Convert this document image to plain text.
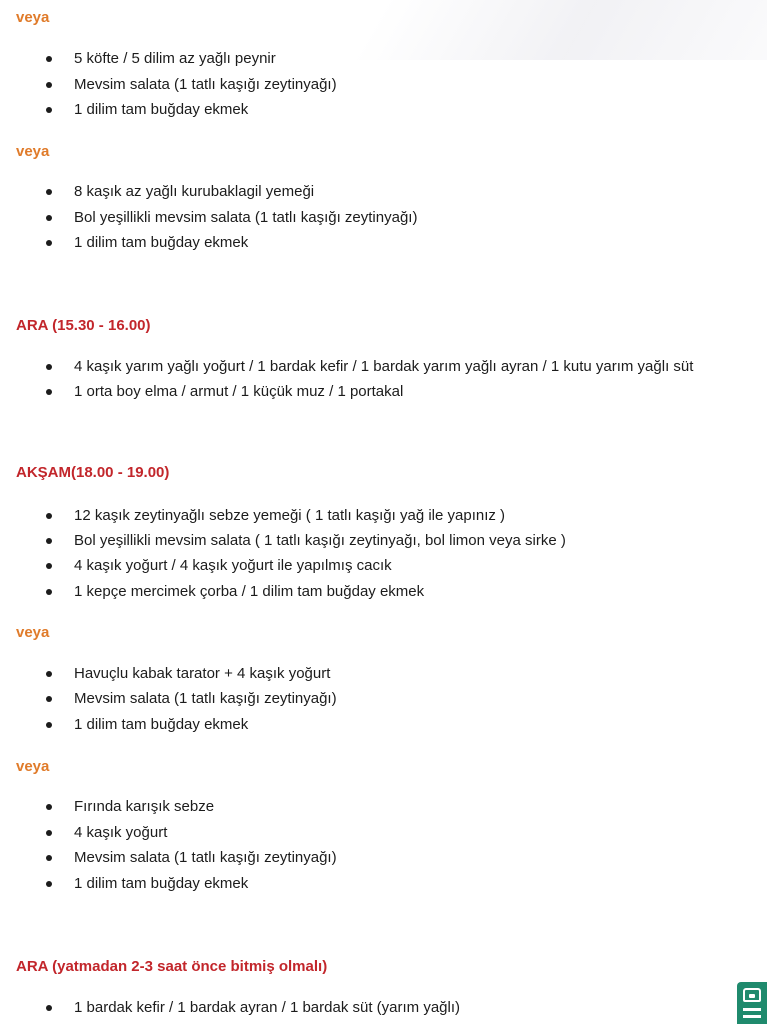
veya
5 köfte / 5 dilim az yağlı peynir
Mevsim salata (1 tatlı kaşığı zeytinyağı)
1 dilim tam buğday ekmek
veya
8 kaşık az yağlı kurubaklagil yemeği
Bol yeşillikli mevsim salata (1 tatlı kaşığı zeytinyağı)
1 dilim tam buğday ekmek
ARA (15.30 - 16.00)
4 kaşık yarım yağlı yoğurt / 1 bardak kefir / 1 bardak yarım yağlı ayran / 1 kutu yarım yağlı süt
1 orta boy elma / armut / 1 küçük muz / 1 portakal
AKŞAM(18.00 - 19.00)
12 kaşık zeytinyağlı sebze yemeği ( 1 tatlı kaşığı yağ ile yapınız )
Bol yeşillikli mevsim salata ( 1 tatlı kaşığı zeytinyağı, bol limon veya sirke )
4 kaşık yoğurt / 4 kaşık yoğurt ile yapılmış cacık
1 kepçe mercimek çorba / 1 dilim tam buğday ekmek
veya
Havuçlu kabak tarator + 4 kaşık yoğurt
Mevsim salata (1 tatlı kaşığı zeytinyağı)
1 dilim tam buğday ekmek
veya
Fırında karışık sebze
4 kaşık yoğurt
Mevsim salata (1 tatlı kaşığı zeytinyağı)
1 dilim tam buğday ekmek
ARA (yatmadan 2-3 saat önce bitmiş olmalı)
1 bardak kefir / 1 bardak ayran / 1 bardak süt (yarım yağlı)
